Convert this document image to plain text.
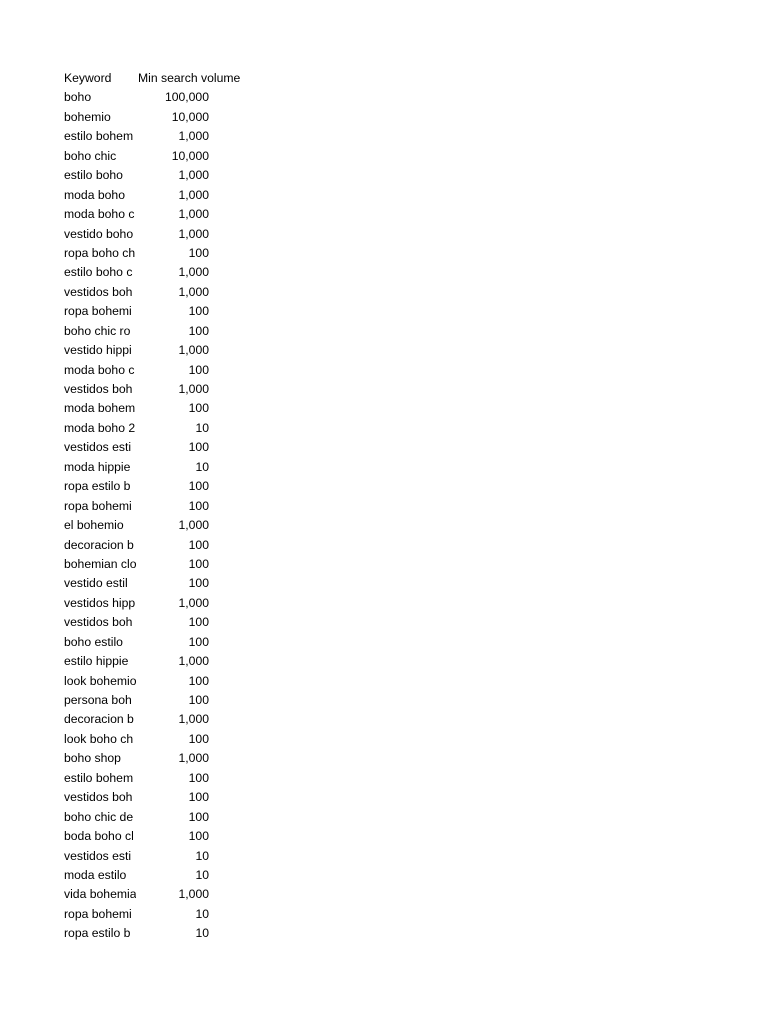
Keyword	Min search volume
boho	100,000
bohemio	10,000
estilo bohem	1,000
boho chic	10,000
estilo boho	1,000
moda boho	1,000
moda boho c	1,000
vestido boho	1,000
ropa boho ch	100
estilo boho c	1,000
vestidos boh	1,000
ropa bohemi	100
boho chic ro	100
vestido hippi	1,000
moda boho c	100
vestidos boh	1,000
moda bohem	100
moda boho 2	10
vestidos esti	100
moda hippie	10
ropa estilo b	100
ropa bohemi	100
el bohemio	1,000
decoracion b	100
bohemian clo	100
vestido estil	100
vestidos hipp	1,000
vestidos boh	100
boho estilo	100
estilo hippie	1,000
look bohemio	100
persona boh	100
decoracion b	1,000
look boho ch	100
boho shop	1,000
estilo bohem	100
vestidos boh	100
boho chic de	100
boda boho cl	100
vestidos esti	10
moda estilo	10
vida bohemia	1,000
ropa bohemi	10
ropa estilo b	10
